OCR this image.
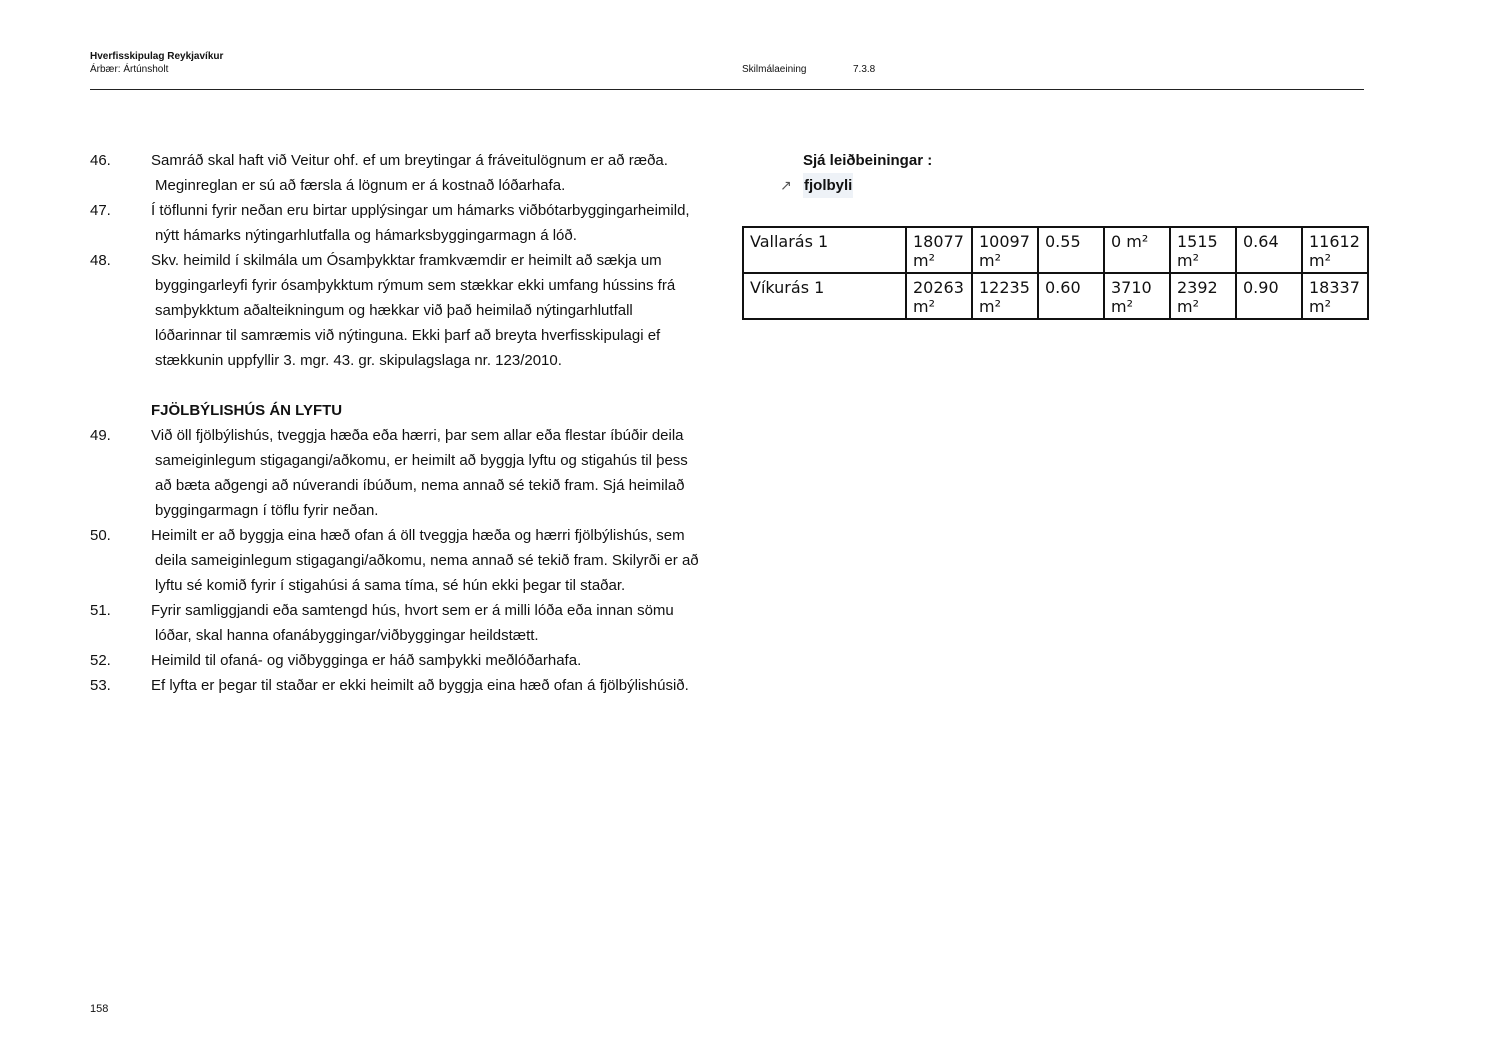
Hverfisskipulag Reykjavíkur
Árbær: Ártúnsholt	Skilmálaeining	7.3.8
46.	Samráð skal haft við Veitur ohf. ef um breytingar á fráveitulögnum er að ræða. Meginreglan er sú að færsla á lögnum er á kostnað lóðarhafa.
47.	Í töflunni fyrir neðan eru birtar upplýsingar um hámarks viðbótarbyggingarheimild, nýtt hámarks nýtingarhlutfalla og hámarksbyggingarmagn á lóð.
48.	Skv. heimild í skilmála um Ósamþykktar framkvæmdir er heimilt að sækja um byggingarleyfi fyrir ósamþykktum rýmum sem stækkar ekki umfang hússins frá samþykktum aðalteikningum og hækkar við það heimilað nýtingarhlutfall lóðarinnar til samræmis við nýtinguna. Ekki þarf að breyta hverfisskipulagi ef stækkunin uppfyllir 3. mgr. 43. gr. skipulagslaga nr. 123/2010.
FJÖLBÝLISHÚS ÁN LYFTU
49.	Við öll fjölbýlishús, tveggja hæða eða hærri, þar sem allar eða flestar íbúðir deila sameiginlegum stigagangi/aðkomu, er heimilt að byggja lyftu og stigahús til þess að bæta aðgengi að núverandi íbúðum, nema annað sé tekið fram. Sjá heimilað byggingarmagn í töflu fyrir neðan.
50.	Heimilt er að byggja eina hæð ofan á öll tveggja hæða og hærri fjölbýlishús, sem deila sameiginlegum stigagangi/aðkomu, nema annað sé tekið fram. Skilyrði er að lyftu sé komið fyrir í stigahúsi á sama tíma, sé hún ekki þegar til staðar.
51.	Fyrir samliggjandi eða samtengd hús, hvort sem er á milli lóða eða innan sömu lóðar, skal hanna ofanábyggingar/viðbyggingar heildstætt.
52.	Heimild til ofaná- og viðbygginga er háð samþykki meðlóðarhafa.
53.	Ef lyfta er þegar til staðar er ekki heimilt að byggja eina hæð ofan á fjölbýlishúsið.
Sjá leiðbeiningar :
↗ fjolbyli
Vallarás 1	18077 m²	10097 m²	0.55	0 m²	1515 m²	0.64	11612 m²
Víkurás 1	20263 m²	12235 m²	0.60	3710 m²	2392 m²	0.90	18337 m²
158
